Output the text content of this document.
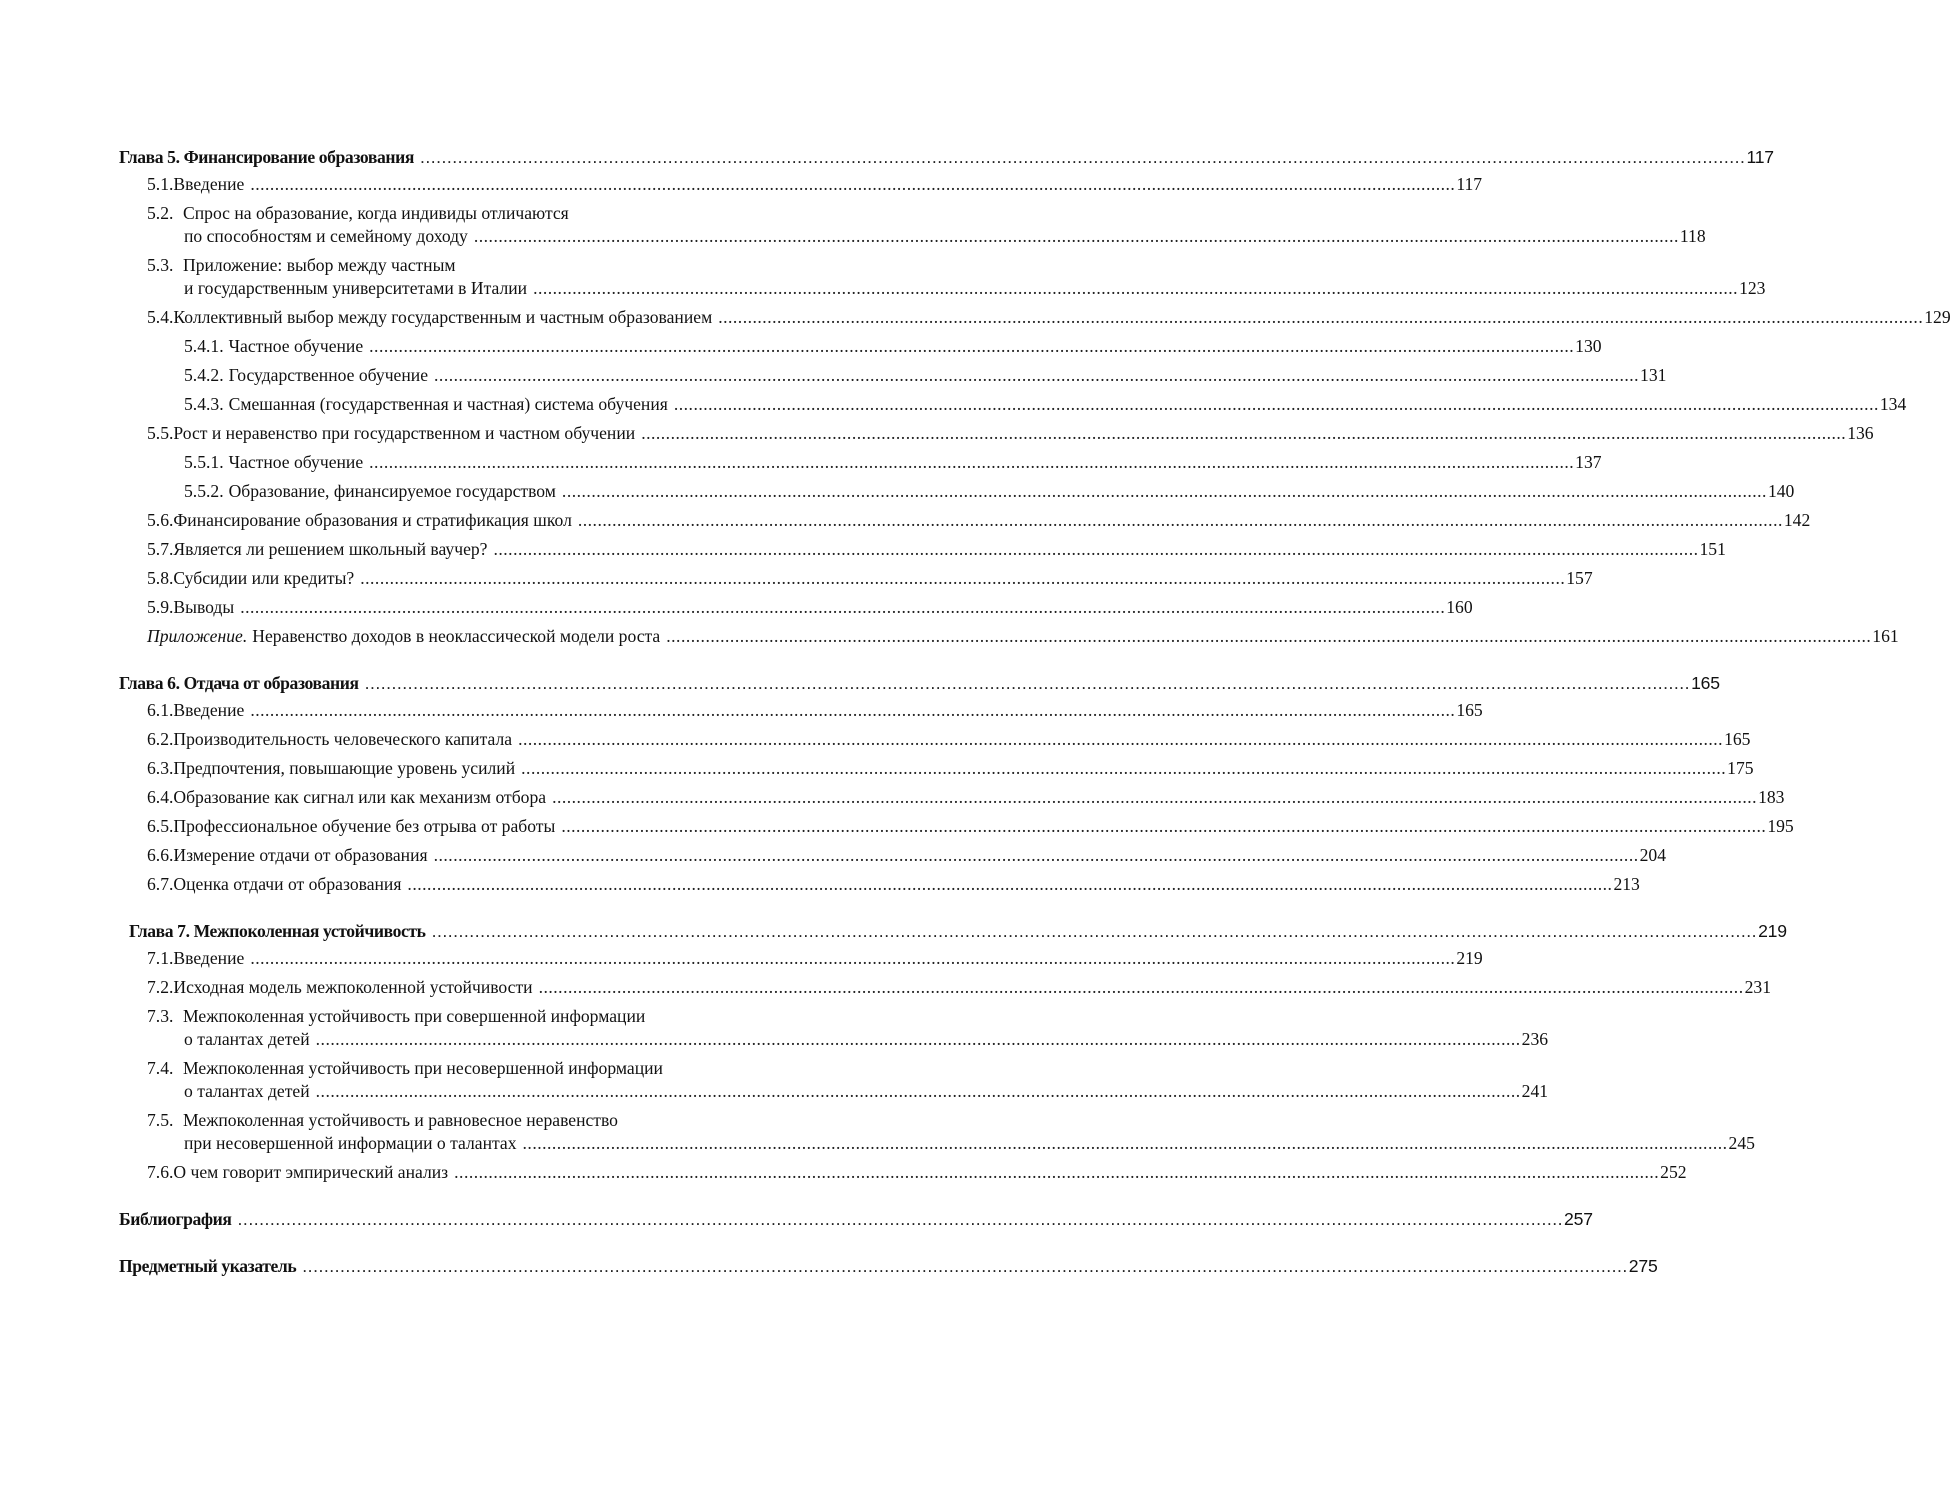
Глава 5. Финансирование образования .....	117
5.1. Введение .....	117
5.2. Спрос на образование, когда индивиды отличаются
по способностям и семейному доходу .....	118
5.3. Приложение: выбор между частным
и государственным университетами в Италии .....	123
5.4. Коллективный выбор между государственным и частным образованием .....	129
5.4.1. Частное обучение .....	130
5.4.2. Государственное обучение .....	131
5.4.3. Смешанная (государственная и частная) система обучения .....	134
5.5. Рост и неравенство при государственном и частном обучении .....	136
5.5.1. Частное обучение .....	137
5.5.2. Образование, финансируемое государством .....	140
5.6. Финансирование образования и стратификация школ .....	142
5.7. Является ли решением школьный ваучер? .....	151
5.8. Субсидии или кредиты? .....	157
5.9. Выводы .....	160
Приложение. Неравенство доходов в неоклассической модели роста .....	161
Глава 6. Отдача от образования .....	165
6.1. Введение .....	165
6.2. Производительность человеческого капитала .....	165
6.3. Предпочтения, повышающие уровень усилий .....	175
6.4. Образование как сигнал или как механизм отбора .....	183
6.5. Профессиональное обучение без отрыва от работы .....	195
6.6. Измерение отдачи от образования .....	204
6.7. Оценка отдачи от образования .....	213
Глава 7. Межпоколенная устойчивость .....	219
7.1. Введение .....	219
7.2. Исходная модель межпоколенной устойчивости .....	231
7.3. Межпоколенная устойчивость при совершенной информации
о талантах детей .....	236
7.4. Межпоколенная устойчивость при несовершенной информации
о талантах детей .....	241
7.5. Межпоколенная устойчивость и равновесное неравенство
при несовершенной информации о талантах .....	245
7.6. О чем говорит эмпирический анализ .....	252
Библиография .....	257
Предметный указатель .....	275
